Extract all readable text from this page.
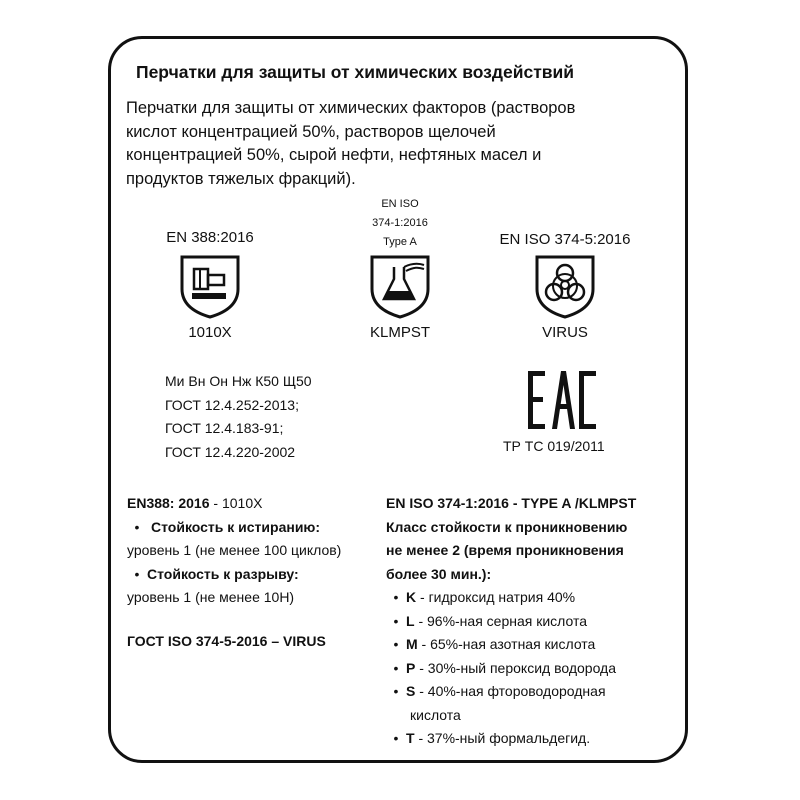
Перчатки для защиты от химических воздействий

Перчатки для защиты от химических факторов (растворов

кислот концентрацией 50%, растворов щелочей

концентрацией 50%, сырой нефти, нефтяных масел и

продуктов тяжелых фракций).

EN 388:2016
1010X
EN ISO
374-1:2016
Type A
KLMPST
EN ISO 374-5:2016
VIRUS
Ми Вн Он Нж К50 Щ50
ГОСТ 12.4.252-2013;
ГОСТ 12.4.183-91;
ГОСТ 12.4.220-2002	ТР ТС 019/2011
EN388: 2016 - 1010X
• Стойкость к истиранию:
уровень 1 (не менее 100 циклов)
• Стойкость к разрыву:
уровень 1 (не менее 10Н)
ГОСТ ISO 374-5-2016 – VIRUS
EN ISO 374-1:2016 - TYPE A /KLMPST
Класс стойкости к проникновению
не менее 2 (время проникновения
более 30 мин.):
• K - гидроксид натрия 40%
• L - 96%-ная серная кислота
• M - 65%-ная азотная кислота
• P - 30%-ный пероксид водорода
• S - 40%-ная фтороводородная
кислота
• T - 37%-ный формальдегид.
